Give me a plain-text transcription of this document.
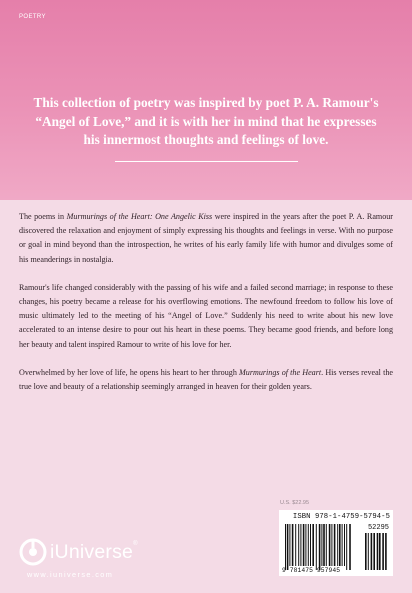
POETRY
This collection of poetry was inspired by poet P. A. Ramour's
“Angel of Love,” and it is with her in mind that he expresses
his innermost thoughts and feelings of love.

The poems in Murmurings of the Heart: One Angelic Kiss were inspired in the years after the poet P. A. Ramour discovered the relaxation and enjoyment of simply expressing his thoughts and feelings in verse. With no purpose or goal in mind beyond than the introspection, he writes of his early family life with humor and divulges some of his meanderings in nostalgia.

Ramour's life changed considerably with the passing of his wife and a failed second marriage; in response to these changes, his poetry became a release for his overflowing emotions. The newfound freedom to follow his love of music ultimately led to the meeting of his “Angel of Love.” Suddenly his need to write about his new love accelerated to an intense desire to pour out his heart in these poems. They became good friends, and before long her beauty and talent inspired Ramour to write of his love for her.

Overwhelmed by her love of life, he opens his heart to her through Murmurings of the Heart. His verses reveal the true love and beauty of a relationship seemingly arranged in heaven for their golden years.

U.S. $22.95
ISBN 978-1-4759-5794-5
52295
9 781475 957945
iUniverse®
www.iuniverse.com
